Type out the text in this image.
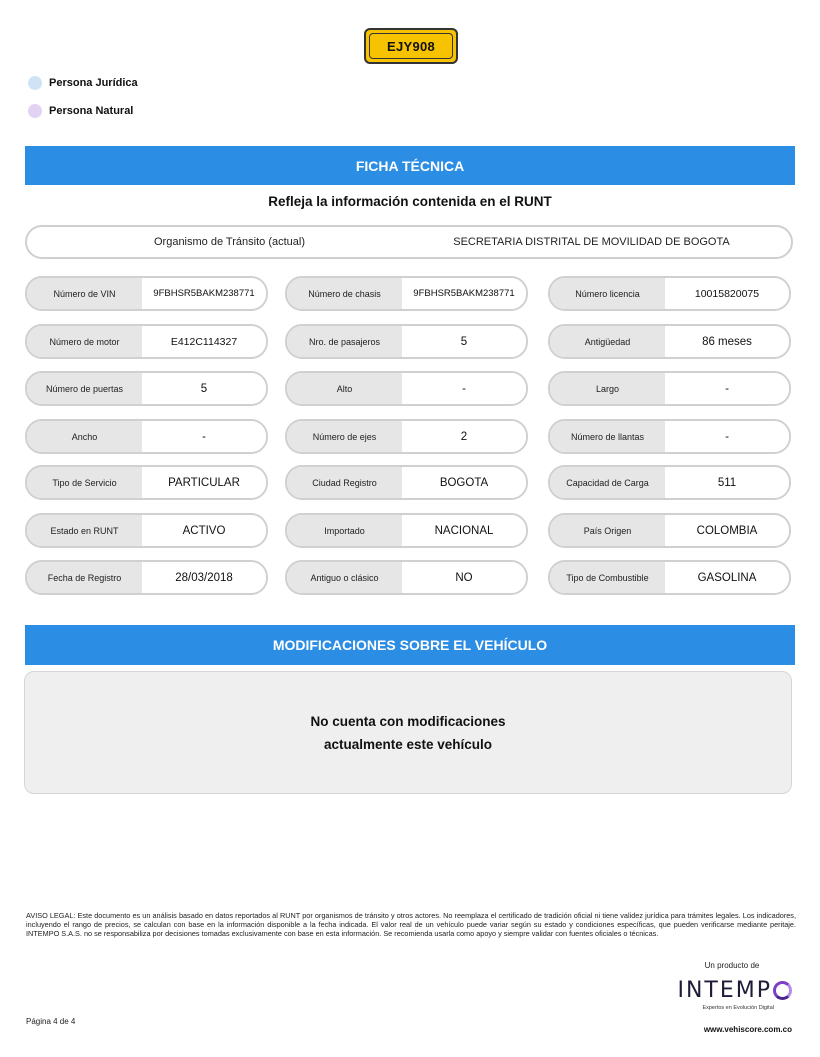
EJY908
Persona Jurídica
Persona Natural
FICHA TÉCNICA
Refleja la información contenida en el RUNT
Organismo de Tránsito (actual)	SECRETARIA DISTRITAL DE MOVILIDAD DE BOGOTA
Número de VIN	9FBHSR5BAKM238771	Número de chasis	9FBHSR5BAKM238771	Número licencia	10015820075
Número de motor	E412C114327	Nro. de pasajeros	5	Antigüedad	86 meses
Número de puertas	5	Alto	-	Largo	-
Ancho	-	Número de ejes	2	Número de llantas	-
Tipo de Servicio	PARTICULAR	Ciudad Registro	BOGOTA	Capacidad de Carga	511
Estado en RUNT	ACTIVO	Importado	NACIONAL	País Origen	COLOMBIA
Fecha de Registro	28/03/2018	Antiguo o clásico	NO	Tipo de Combustible	GASOLINA
MODIFICACIONES SOBRE EL VEHÍCULO
No cuenta con modificaciones
actualmente este vehículo
AVISO LEGAL: Este documento es un análisis basado en datos reportados al RUNT por organismos de tránsito y otros actores. No reemplaza el certificado de tradición oficial ni tiene validez jurídica para trámites legales. Los indicadores, incluyendo el rango de precios, se calculan con base en la información disponible a la fecha indicada. El valor real de un vehículo puede variar según su estado y condiciones específicas, que pueden verificarse mediante peritaje. INTEMPO S.A.S. no se responsabiliza por decisiones tomadas exclusivamente con base en esta información. Se recomienda usarla como apoyo y siempre validar con fuentes oficiales o técnicas.
Página 4 de 4
Un producto de
INTEMP
Expertos en Evolución Digital
www.vehiscore.com.co
